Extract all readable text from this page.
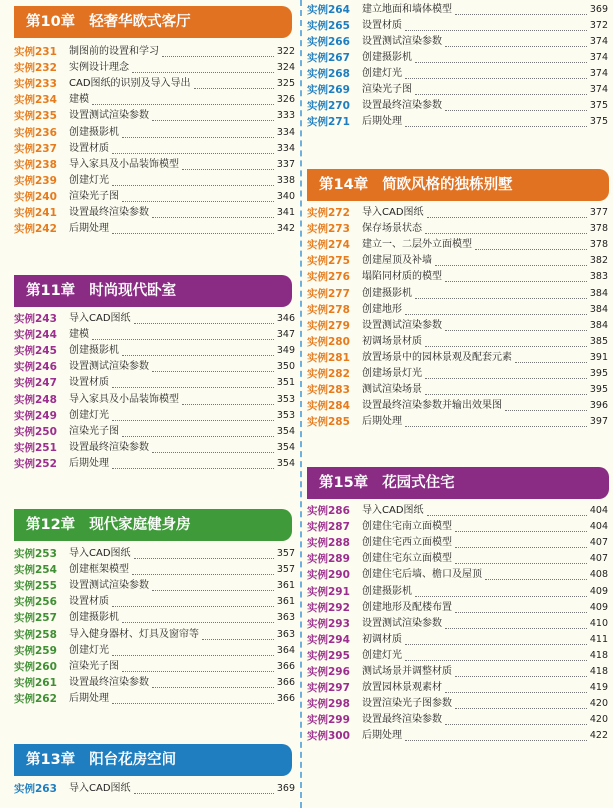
第10章 轻奢华欧式客厅
实例231 制图前的设置和学习	322
实例232 实例设计理念	324
实例233 CAD图纸的识别及导入导出	325
实例234 建模	326
实例235 设置测试渲染参数	333
实例236 创建摄影机	334
实例237 设置材质	334
实例238 导入家具及小品装饰模型	337
实例239 创建灯光	338
实例240 渲染光子图	340
实例241 设置最终渲染参数	341
实例242 后期处理	342
第11章 时尚现代卧室
实例243 导入CAD图纸	346
实例244 建模	347
实例245 创建摄影机	349
实例246 设置测试渲染参数	350
实例247 设置材质	351
实例248 导入家具及小品装饰模型	353
实例249 创建灯光	353
实例250 渲染光子图	354
实例251 设置最终渲染参数	354
实例252 后期处理	354
第12章 现代家庭健身房
实例253 导入CAD图纸	357
实例254 创建框架模型	357
实例255 设置测试渲染参数	361
实例256 设置材质	361
实例257 创建摄影机	363
实例258 导入健身器材、灯具及窗帘等	363
实例259 创建灯光	364
实例260 渲染光子图	366
实例261 设置最终渲染参数	366
实例262 后期处理	366
第13章 阳台花房空间
实例263 导入CAD图纸	369
实例264 建立地面和墙体模型	369
实例265 设置材质	372
实例266 设置测试渲染参数	374
实例267 创建摄影机	374
实例268 创建灯光	374
实例269 渲染光子图	374
实例270 设置最终渲染参数	375
实例271 后期处理	375
第14章 简欧风格的独栋别墅
实例272 导入CAD图纸	377
实例273 保存场景状态	378
实例274 建立一、二层外立面模型	378
实例275 创建屋顶及补墙	382
实例276 塌陷同材质的模型	383
实例277 创建摄影机	384
实例278 创建地形	384
实例279 设置测试渲染参数	384
实例280 初调场景材质	385
实例281 放置场景中的园林景观及配套元素	391
实例282 创建场景灯光	395
实例283 测试渲染场景	395
实例284 设置最终渲染参数并输出效果图	396
实例285 后期处理	397
第15章 花园式住宅
实例286 导入CAD图纸	404
实例287 创建住宅南立面模型	404
实例288 创建住宅西立面模型	407
实例289 创建住宅东立面模型	407
实例290 创建住宅后墙、檐口及屋顶	408
实例291 创建摄影机	409
实例292 创建地形及配楼布置	409
实例293 设置测试渲染参数	410
实例294 初调材质	411
实例295 创建灯光	418
实例296 测试场景并调整材质	418
实例297 放置园林景观素材	419
实例298 设置渲染光子图参数	420
实例299 设置最终渲染参数	420
实例300 后期处理	422
